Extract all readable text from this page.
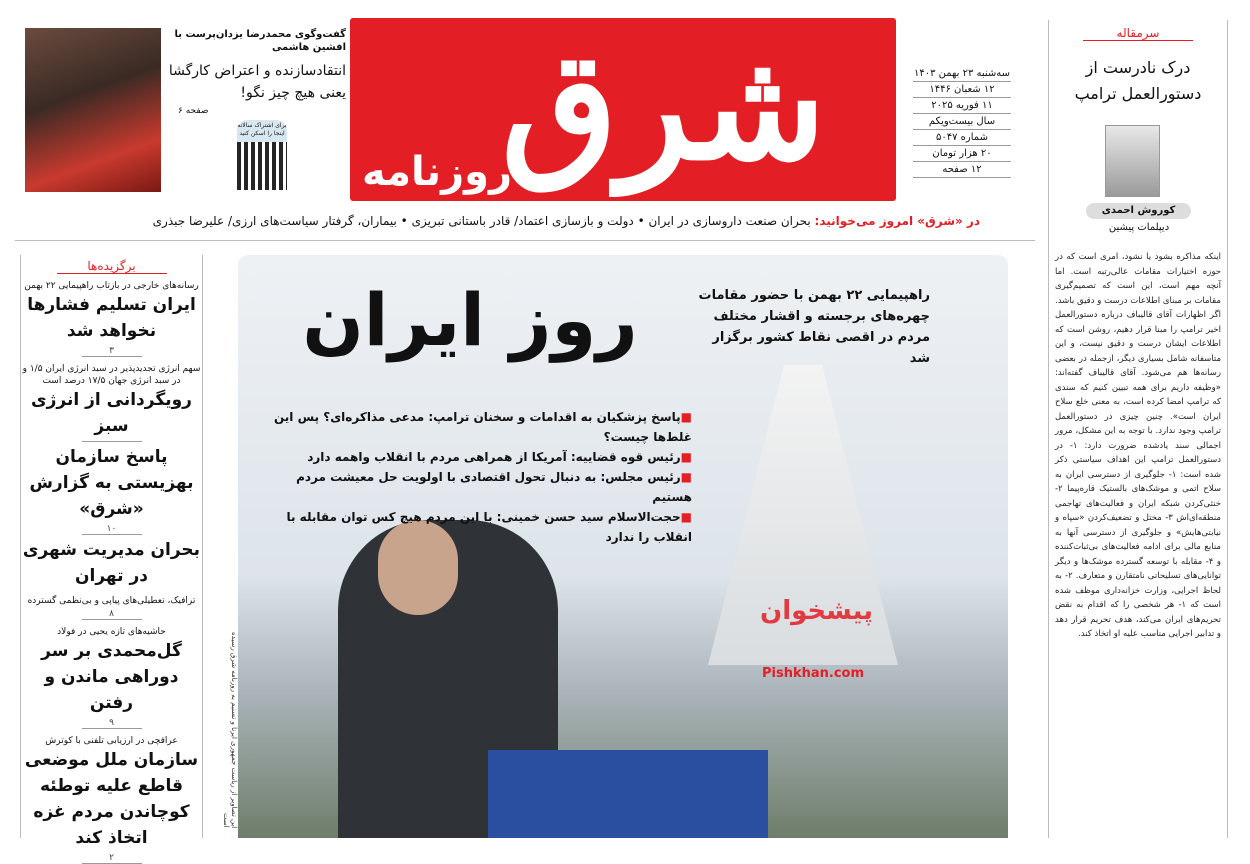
شرق
روزنامه
سه‌شنبه ۲۳ بهمن ۱۴۰۳
۱۲ شعبان ۱۴۴۶
۱۱ فوریه ۲۰۲۵
سال بیست‌ویکم
شماره ۵۰۴۷
۲۰ هزار تومان
۱۲ صفحه
گفت‌وگوی محمدرضا یزدان‌پرست با افشین هاشمی
انتقادسازنده و اعتراض کارگشا یعنی هیچ چیز نگو!
صفحه ۶
برای اشتراک سالانه اینجا را اسکن کنید
در «شرق» امروز می‌خوانید: بحران صنعت داروسازی در ایران • دولت و بازسازی اعتماد/ قادر باستانی تبریزی • بیماران، گرفتار سیاست‌های ارزی/ علیرضا جبذری
سرمقاله
درک نادرست از دستورالعمل ترامپ
کوروش احمدی
دیپلمات پیشین
اینکه مذاکره بشود یا نشود، امری است که در حوزه اختیارات مقامات عالی‌رتبه است. اما آنچه مهم است، این است که تصمیم‌گیری مقامات بر مبنای اطلاعات درست و دقیق باشد. اگر اظهارات آقای قالیباف درباره دستورالعمل اخیر ترامپ را مبنا قرار دهیم، روشن است که اطلاعات ایشان درست و دقیق نیست، و این متاسفانه شامل بسیاری دیگر، ازجمله در بعضی رسانه‌ها هم می‌شود. آقای قالیباف گفته‌اند: «وظیفه داریم برای همه تبیین کنیم که سندی که ترامپ امضا کرده است، به معنی خلع سلاح ایران است». چنین چیزی در دستورالعمل ترامپ وجود ندارد. با توجه به این مشکل، مرور اجمالی سند یادشده ضرورت دارد: ۱- در دستورالعمل ترامپ این اهداف سیاستی ذکر شده است: ۱- جلوگیری از دسترسی ایران به سلاح اتمی و موشک‌های بالستیک قاره‌پیما ۲- خنثی‌کردن شبکه ایران و فعالیت‌های تهاجمی منطقه‌ای‌اش ۳- مختل و تضعیف‌کردن «سپاه و نیابتی‌هایش» و جلوگیری از دسترسی آنها به منابع مالی برای ادامه فعالیت‌های بی‌ثبات‌کننده و ۴- مقابله با توسعه گسترده موشک‌ها و دیگر توانایی‌های تسلیحاتی نامتقارن و متعارف. ۲- به لحاظ اجرایی، وزارت خزانه‌داری موظف شده است که ۱- هر شخصی را که اقدام به نقض تحریم‌های ایران می‌کند، هدف تحریم قرار دهد و تدابیر اجرایی مناسب علیه او اتخاذ کند.
برگزیده‌ها
رسانه‌های خارجی در بازتاب راهپیمایی ۲۲ بهمن
ایران تسلیم فشارها نخواهد شد
۳
سهم انرژی تجدیدپذیر در سبد انرژی ایران ۱/۵ و در سبد انرژی جهان ۱۷/۵ درصد است
رویگردانی از انرژی سبز
پاسخ سازمان بهزیستی به گزارش «شرق»
۱۰
بحران مدیریت شهری در تهران
ترافیک، تعطیلی‌های پیاپی و بی‌نظمی گسترده
۸
حاشیه‌های تازه یحیی در فولاد
گل‌محمدی بر سر دوراهی ماندن و رفتن
۹
عراقچی در ارزیابی تلفنی با کوترش
سازمان ملل موضعی قاطع علیه توطئه کوچاندن مردم غزه اتخاذ کند
۲
روز ایران	راهپیمایی ۲۲ بهمن با حضور مقامات چهره‌های برجسته و اقشار مختلف مردم در اقصی نقاط کشور برگزار شد
■پاسخ پزشکیان به اقدامات و سخنان ترامپ: مدعی مذاکره‌ای؟ پس این غلط‌ها چیست؟
■رئیس قوه قضاییه: آمریکا از همراهی مردم با انقلاب واهمه دارد
■رئیس مجلس: به دنبال تحول اقتصادی با اولویت حل معیشت مردم هستیم
■حجت‌الاسلام سید حسن خمینی: با این مردم هیچ کس توان مقابله با انقلاب را ندارد
این تصاویر از ریاست جمهوری ایرنا و تسنیم به روزنامه شرق رسیده است
پیشخوان
Pishkhan.com
